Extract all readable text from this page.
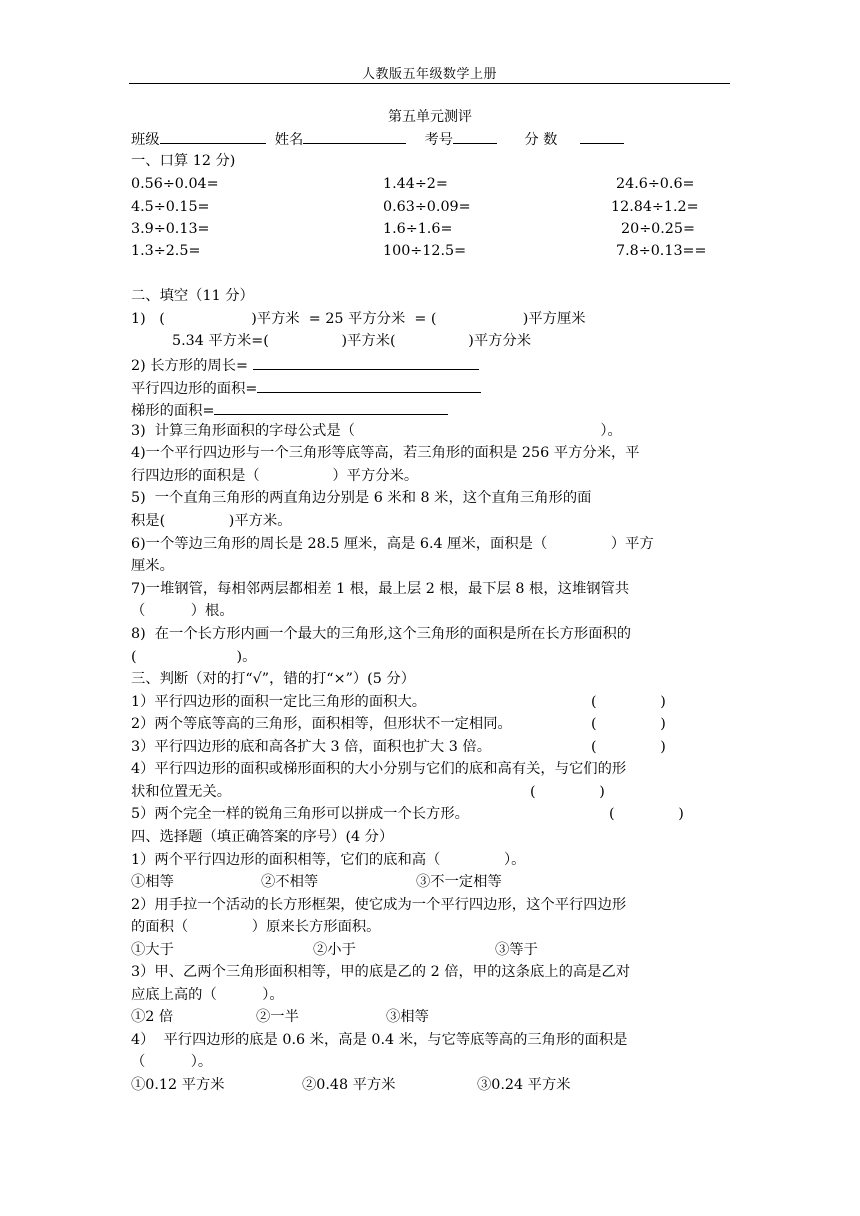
人教版五年级数学上册
第五单元测评
班级	姓名	考号	分 数
一、口算 12 分)
0.56÷0.04=	1.44÷2=	24.6÷0.6=
4.5÷0.15=	0.63÷0.09=	12.84÷1.2=
3.9÷0.13=	1.6÷1.6=	20÷0.25=
1.3÷2.5=	100÷12.5=	7.8÷0.13==
二、填空（11 分）
1)   (                   )平方米  = 25 平方分米  = (                   )平方厘米
5.34 平方米=(                )平方米(                )平方分米
2) 长方形的周长=
平行四边形的面积=
梯形的面积=
3)  计算三角形面积的字母公式是（                                                      ）。
4)一个平行四边形与一个三角形等底等高，若三角形的面积是 256 平方分米，平
行四边形的面积是（                ）平方分米。
5)  一个直角三角形的两直角边分别是 6 米和 8 米，这个直角三角形的面
积是(              )平方米。
6)一个等边三角形的周长是 28.5 厘米，高是 6.4 厘米，面积是（              ）平方
厘米。
7)一堆钢管，每相邻两层都相差 1 根，最上层 2 根，最下层 8 根，这堆钢管共
（          ）根。
8)  在一个长方形内画一个最大的三角形,这个三角形的面积是所在长方形面积的
(                      )。
三、判断（对的打“√”，错的打“×”）(5 分）
1）平行四边形的面积一定比三角形的面积大。	(              )
2）两个等底等高的三角形，面积相等，但形状不一定相同。	(              )
3）平行四边形的底和高各扩大 3 倍，面积也扩大 3 倍。	(              )
4）平行四边形的面积或梯形面积的大小分别与它们的底和高有关，与它们的形
状和位置无关。	(              )
5）两个完全一样的锐角三角形可以拼成一个长方形。	(              )
四、选择题（填正确答案的序号）(4 分）
1）两个平行四边形的面积相等，它们的底和高（              ）。
①相等	②不相等	③不一定相等
2）用手拉一个活动的长方形框架，使它成为一个平行四边形，这个平行四边形
的面积（              ）原来长方形面积。
①大于	②小于	③等于
3）甲、乙两个三角形面积相等，甲的底是乙的 2 倍，甲的这条底上的高是乙对
应底上高的（          ）。
①2 倍	②一半	③相等
4）  平行四边形的底是 0.6 米，高是 0.4 米，与它等底等高的三角形的面积是
（          ）。
①0.12 平方米	②0.48 平方米	③0.24 平方米
